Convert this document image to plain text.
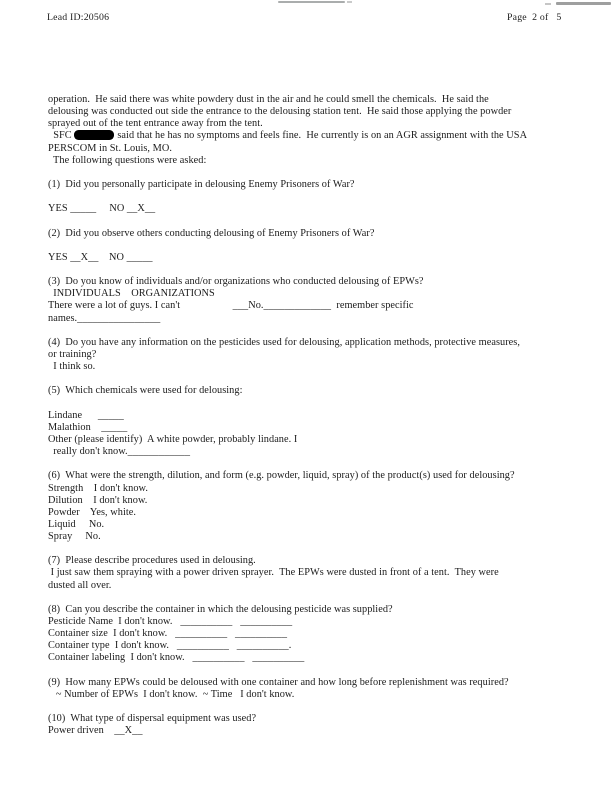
Lead ID:20506	Page  2 of   5
operation.  He said there was white powdery dust in the air and he could smell the chemicals.  He said the
delousing was conducted out side the entrance to the delousing station tent.  He said those applying the powder
sprayed out of the tent entrance away from the tent.
SFC	said that he has no symptoms and feels fine.  He currently is on an AGR assignment with the USA
PERSCOM in St. Louis, MO.
The following questions were asked:
(1)  Did you personally participate in delousing Enemy Prisoners of War?
YES _____     NO __X__
(2)  Did you observe others conducting delousing of Enemy Prisoners of War?
YES __X__    NO _____
(3)  Do you know of individuals and/or organizations who conducted delousing of EPWs?
INDIVIDUALS    ORGANIZATIONS
There were a lot of guys. I can't                    ___No._____________  remember specific
names.________________
(4)  Do you have any information on the pesticides used for delousing, application methods, protective measures,
or training?
I think so.
(5)  Which chemicals were used for delousing:
Lindane      _____
Malathion    _____
Other (please identify)  A white powder, probably lindane. I
really don't know.____________
(6)  What were the strength, dilution, and form (e.g. powder, liquid, spray) of the product(s) used for delousing?
Strength    I don't know.
Dilution    I don't know.
Powder    Yes, white.
Liquid     No.
Spray     No.
(7)  Please describe procedures used in delousing.
I just saw them spraying with a power driven sprayer.  The EPWs were dusted in front of a tent.  They were
dusted all over.
(8)  Can you describe the container in which the delousing pesticide was supplied?
Pesticide Name  I don't know.   __________   __________
Container size  I don't know.   __________   __________
Container type  I don't know.   __________   __________.
Container labeling  I don't know.   __________   __________
(9)  How many EPWs could be deloused with one container and how long before replenishment was required?
~ Number of EPWs  I don't know.  ~ Time   I don't know.
(10)  What type of dispersal equipment was used?
Power driven    __X__
